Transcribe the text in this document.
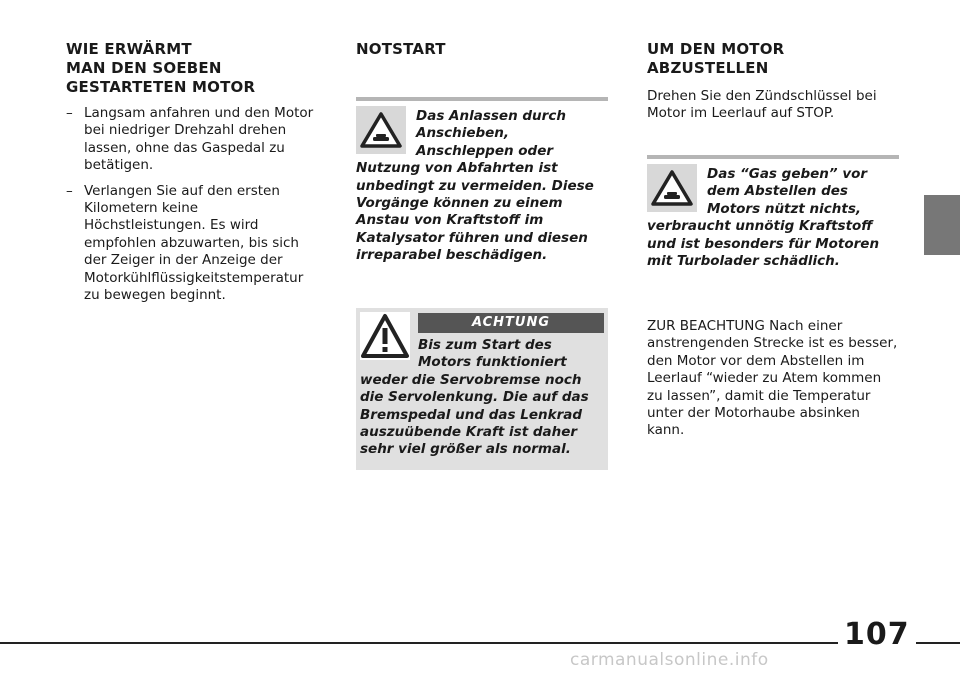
WIE ERWÄRMT
MAN DEN SOEBEN
GESTARTETEN MOTOR
– Langsam anfahren und den Motor bei niedriger Drehzahl drehen lassen, ohne das Gaspedal zu betätigen.
– Verlangen Sie auf den ersten Kilometern keine Höchstleistungen. Es wird empfohlen abzuwarten, bis sich der Zeiger in der Anzeige der Motorkühlflüssigkeitstemperatur zu bewegen beginnt.
NOTSTART
Das Anlassen durch
Anschieben,
Anschleppen oder
Nutzung von Abfahrten ist unbedingt zu vermeiden. Diese Vorgänge können zu einem Anstau von Kraftstoff im Katalysator führen und diesen irreparabel beschädigen.
ACHTUNG
Bis zum Start des
Motors funktioniert
weder die Servobremse noch die Servolenkung. Die auf das Bremspedal und das Lenkrad auszuübende Kraft ist daher sehr viel größer als normal.
UM DEN MOTOR
ABZUSTELLEN
Drehen Sie den Zündschlüssel bei Motor im Leerlauf auf STOP.
Das “Gas geben” vor
dem Abstellen des
Motors nützt nichts,
verbraucht unnötig Kraftstoff und ist besonders für Motoren mit Turbolader schädlich.
ZUR BEACHTUNG Nach einer anstrengenden Strecke ist es besser, den Motor vor dem Abstellen im Leerlauf “wieder zu Atem kommen zu lassen”, damit die Temperatur unter der Motorhaube absinken kann.
107
carmanualsonline.info
